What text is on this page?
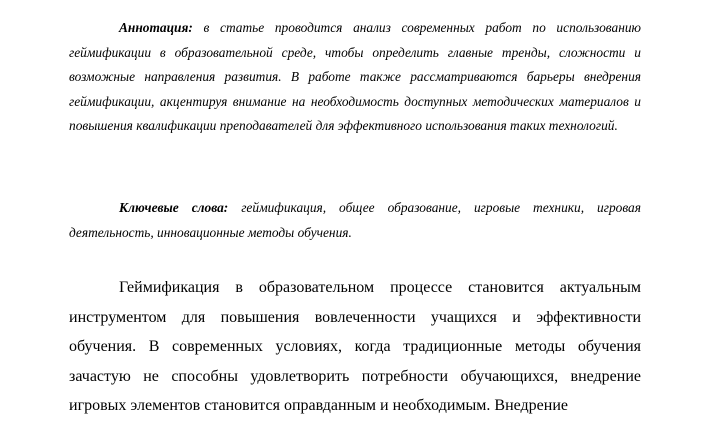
Аннотация: в статье проводится анализ современных работ по использованию геймификации в образовательной среде, чтобы определить главные тренды, сложности и возможные направления развития. В работе также рассматриваются барьеры внедрения геймификации, акцентируя внимание на необходимость доступных методических материалов и повышения квалификации преподавателей для эффективного использования таких технологий.

Ключевые слова: геймификация, общее образование, игровые техники, игровая деятельность, инновационные методы обучения.

Геймификация в образовательном процессе становится актуальным инструментом для повышения вовлеченности учащихся и эффективности обучения. В современных условиях, когда традиционные методы обучения зачастую не способны удовлетворить потребности обучающихся, внедрение игровых элементов становится оправданным и необходимым. Внедрение
